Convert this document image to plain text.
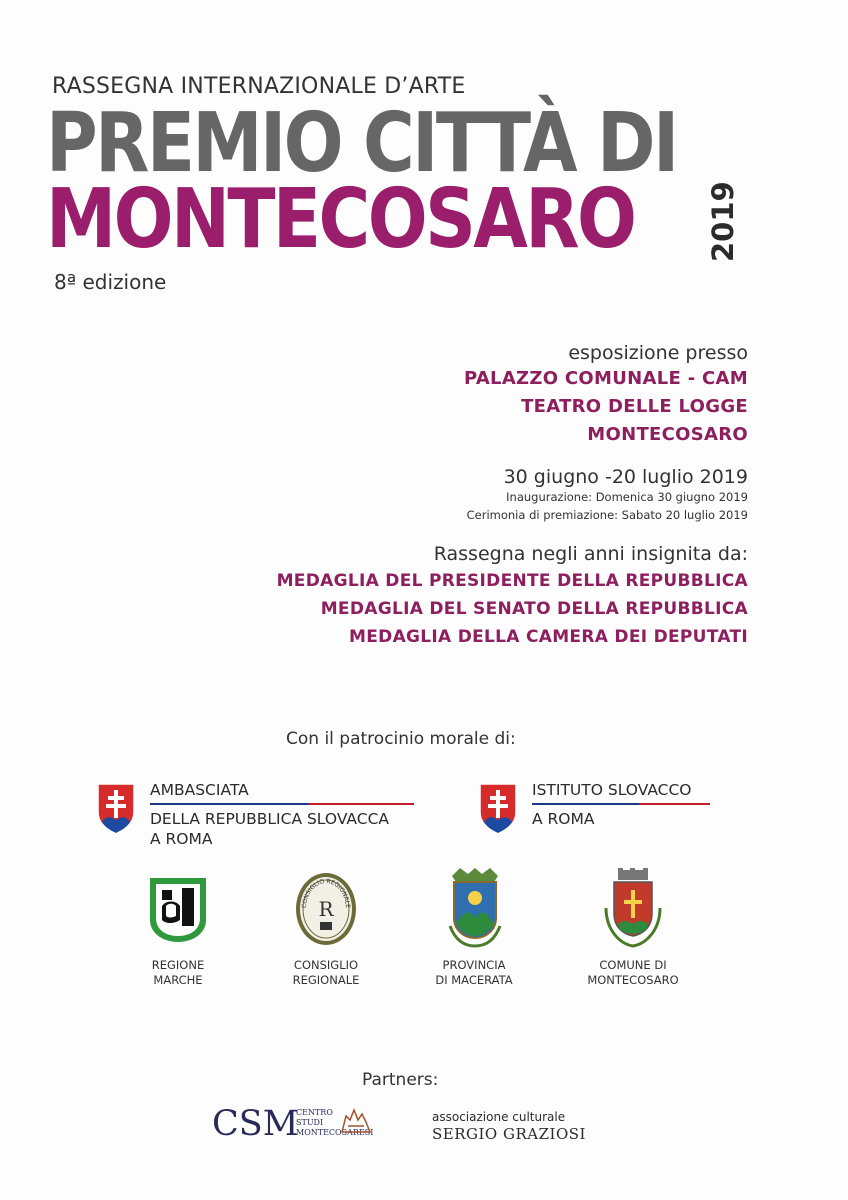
RASSEGNA INTERNAZIONALE D’ARTE
PREMIO CITTÀ DI
MONTECOSARO 2019
8ª edizione
esposizione presso
PALAZZO COMUNALE - CAM
TEATRO DELLE LOGGE
MONTECOSARO
30 giugno -20 luglio 2019
Inaugurazione: Domenica 30 giugno 2019
Cerimonia di premiazione: Sabato 20 luglio 2019
Rassegna negli anni insignita da:
MEDAGLIA DEL PRESIDENTE DELLA REPUBBLICA
MEDAGLIA DEL SENATO DELLA REPUBBLICA
MEDAGLIA DELLA CAMERA DEI DEPUTATI
Con il patrocinio morale di:
AMBASCIATA
DELLA REPUBBLICA SLOVACCA
A ROMA
ISTITUTO SLOVACCO
A ROMA
REGIONE
MARCHE
CONSIGLIO REGIONALE
R
CONSIGLIO
REGIONALE
PROVINCIA
DI MACERATA
COMUNE DI
MONTECOSARO
Partners:
CSM
CENTRO
STUDI
MONTECOSARESI
associazione culturale
SERGIO GRAZIOSI
